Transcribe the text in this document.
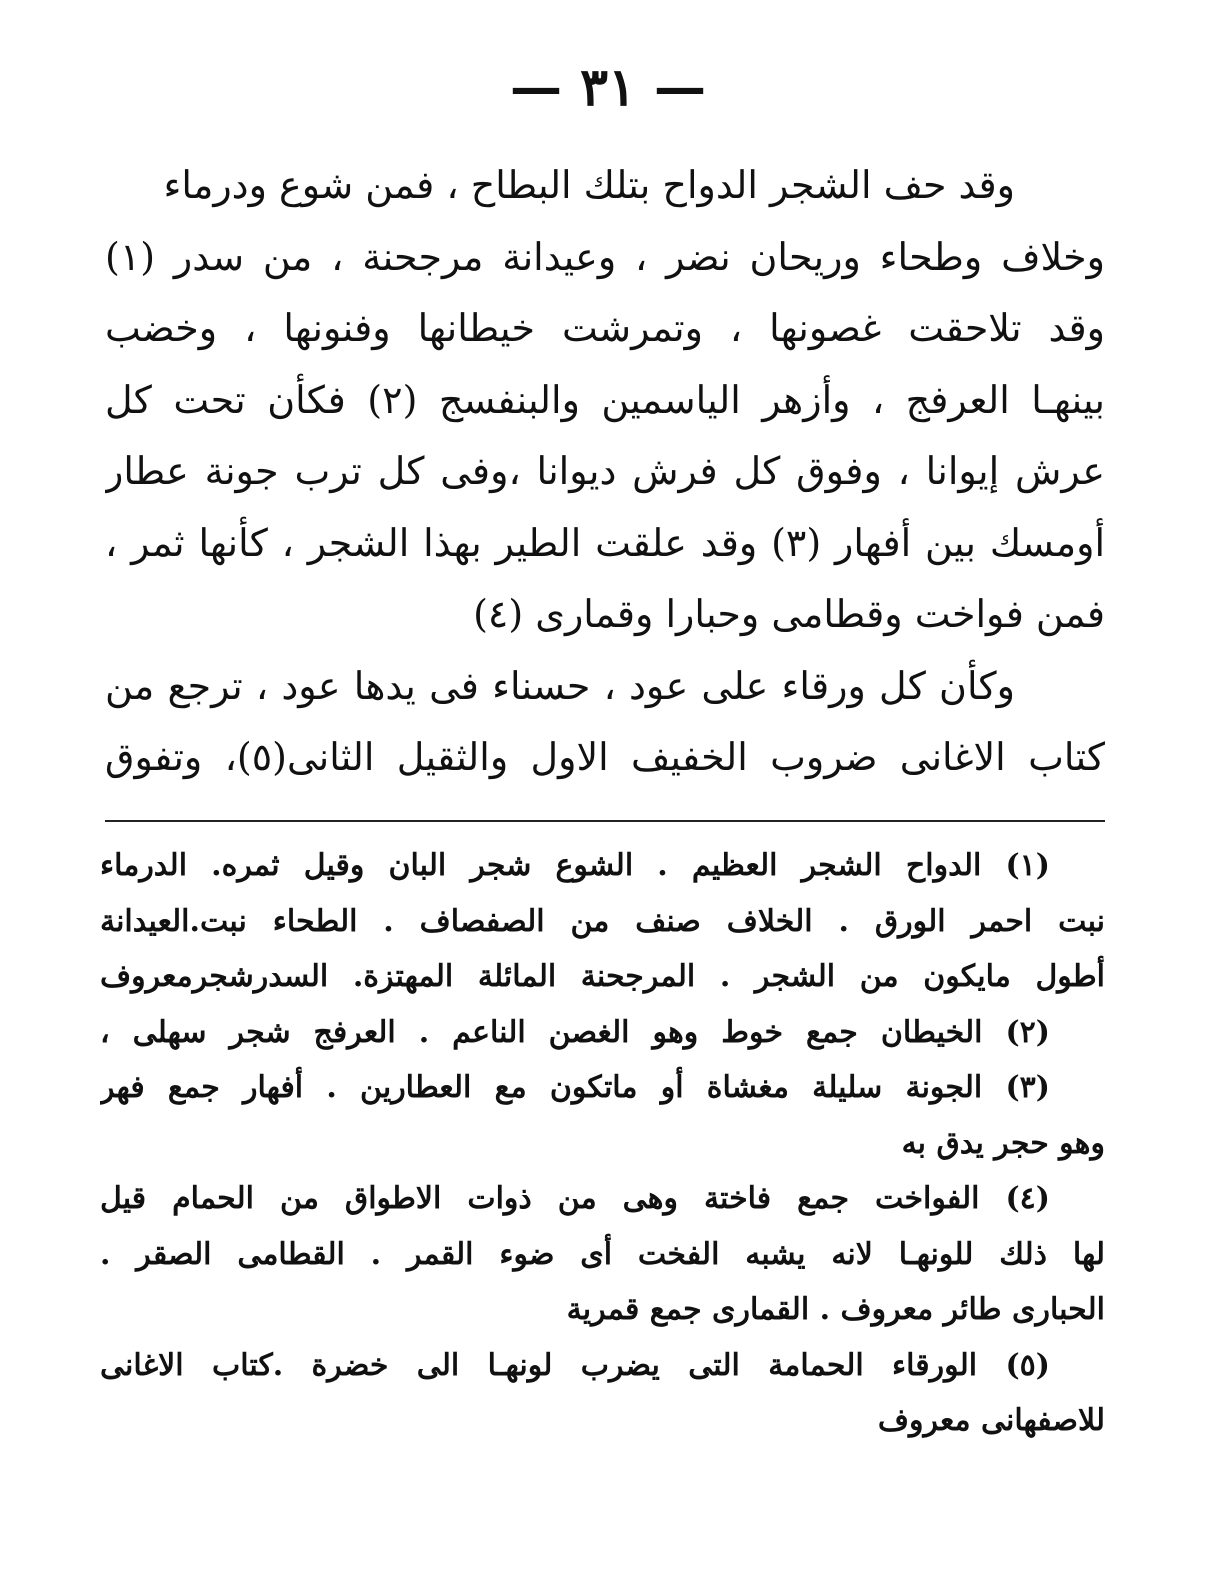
— ٣١ —
وقد حف الشجر الدواح بتلك البطاح ، فمن شوع ودرماء
وخلاف وطحاء وريحان نضر ، وعيدانة مرجحنة ، من سدر (١)
وقد تلاحقت غصونها ، وتمرشت خيطانها وفنونها ، وخضب
بينهـا العرفج ، وأزهر الياسمين والبنفسج (٢) فكأن تحت كل
عرش إيوانا ، وفوق كل فرش ديوانا ،وفى كل ترب جونة عطار
أومسك بين أفهار (٣) وقد علقت الطير بهذا الشجر ، كأنها ثمر ،
فمن فواخت وقطامى وحبارا وقمارى (٤)
وكأن كل ورقاء على عود ، حسناء فى يدها عود ، ترجع من
كتاب الاغانى ضروب الخفيف الاول والثقيل الثانى(٥)، وتفوق
(١) الدواح الشجر العظيم . الشوع شجر البان وقيل ثمره. الدرماء
نبت احمر الورق . الخلاف صنف من الصفصاف . الطحاء نبت.العيدانة
أطول مايكون من الشجر . المرجحنة المائلة المهتزة. السدرشجرمعروف
(٢) الخيطان جمع خوط وهو الغصن الناعم . العرفج شجر سهلى ،
(٣) الجونة سليلة مغشاة أو ماتكون مع العطارين . أفهار جمع فهر
وهو حجر يدق به
(٤) الفواخت جمع فاختة وهى من ذوات الاطواق من الحمام قيل
لها ذلك للونهـا لانه يشبه الفخت أى ضوء القمر . القطامى الصقر .
الحبارى طائر معروف . القمارى جمع قمرية
(٥) الورقاء الحمامة التى يضرب لونهـا الى خضرة .كتاب الاغانى
للاصفهانى معروف
